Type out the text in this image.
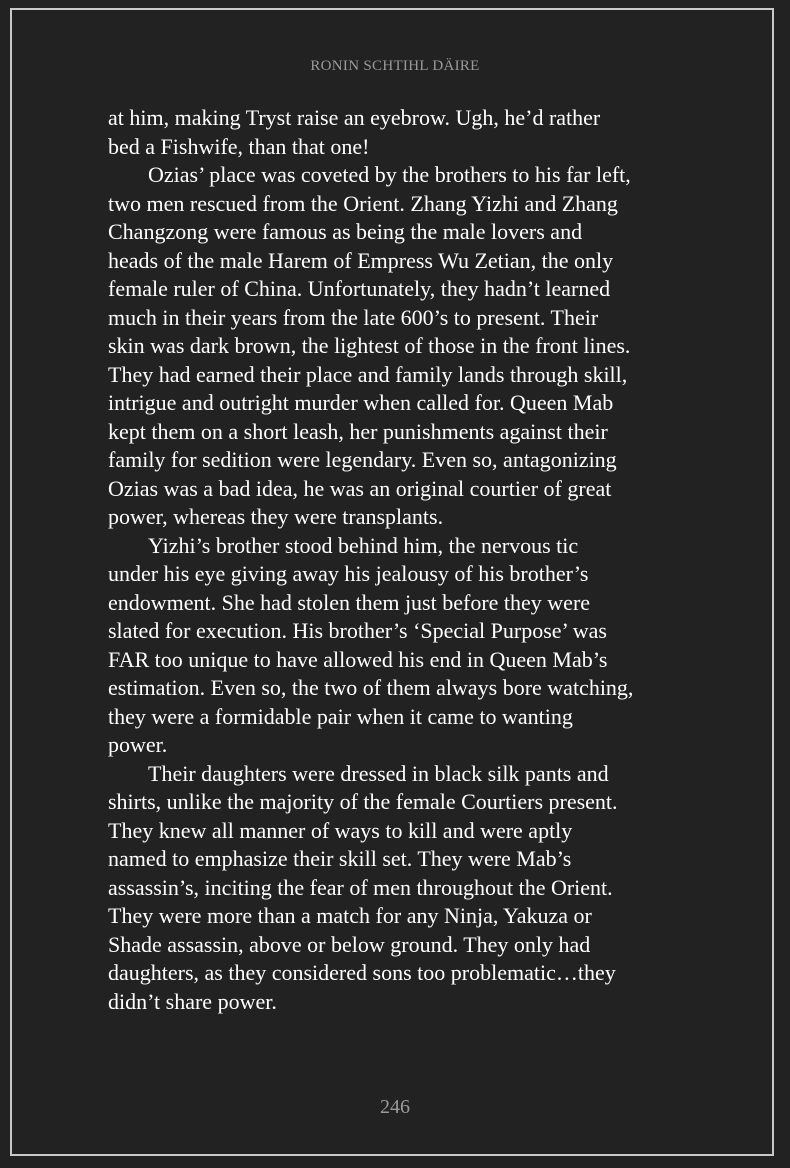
RONIN SCHTIHL DÄIRE

at him, making Tryst raise an eyebrow. Ugh, he’d rather
bed a Fishwife, than that one!

Ozias’ place was coveted by the brothers to his far left,
two men rescued from the Orient. Zhang Yizhi and Zhang
Changzong were famous as being the male lovers and
heads of the male Harem of Empress Wu Zetian, the only
female ruler of China. Unfortunately, they hadn’t learned
much in their years from the late 600’s to present. Their
skin was dark brown, the lightest of those in the front lines.
They had earned their place and family lands through skill,
intrigue and outright murder when called for. Queen Mab
kept them on a short leash, her punishments against their
family for sedition were legendary. Even so, antagonizing
Ozias was a bad idea, he was an original courtier of great
power, whereas they were transplants.

Yizhi’s brother stood behind him, the nervous tic
under his eye giving away his jealousy of his brother’s
endowment. She had stolen them just before they were
slated for execution. His brother’s ‘Special Purpose’ was
FAR too unique to have allowed his end in Queen Mab’s
estimation. Even so, the two of them always bore watching,
they were a formidable pair when it came to wanting
power.

Their daughters were dressed in black silk pants and
shirts, unlike the majority of the female Courtiers present.
They knew all manner of ways to kill and were aptly
named to emphasize their skill set. They were Mab’s
assassin’s, inciting the fear of men throughout the Orient.
They were more than a match for any Ninja, Yakuza or
Shade assassin, above or below ground. They only had
daughters, as they considered sons too problematic…they
didn’t share power.

246
